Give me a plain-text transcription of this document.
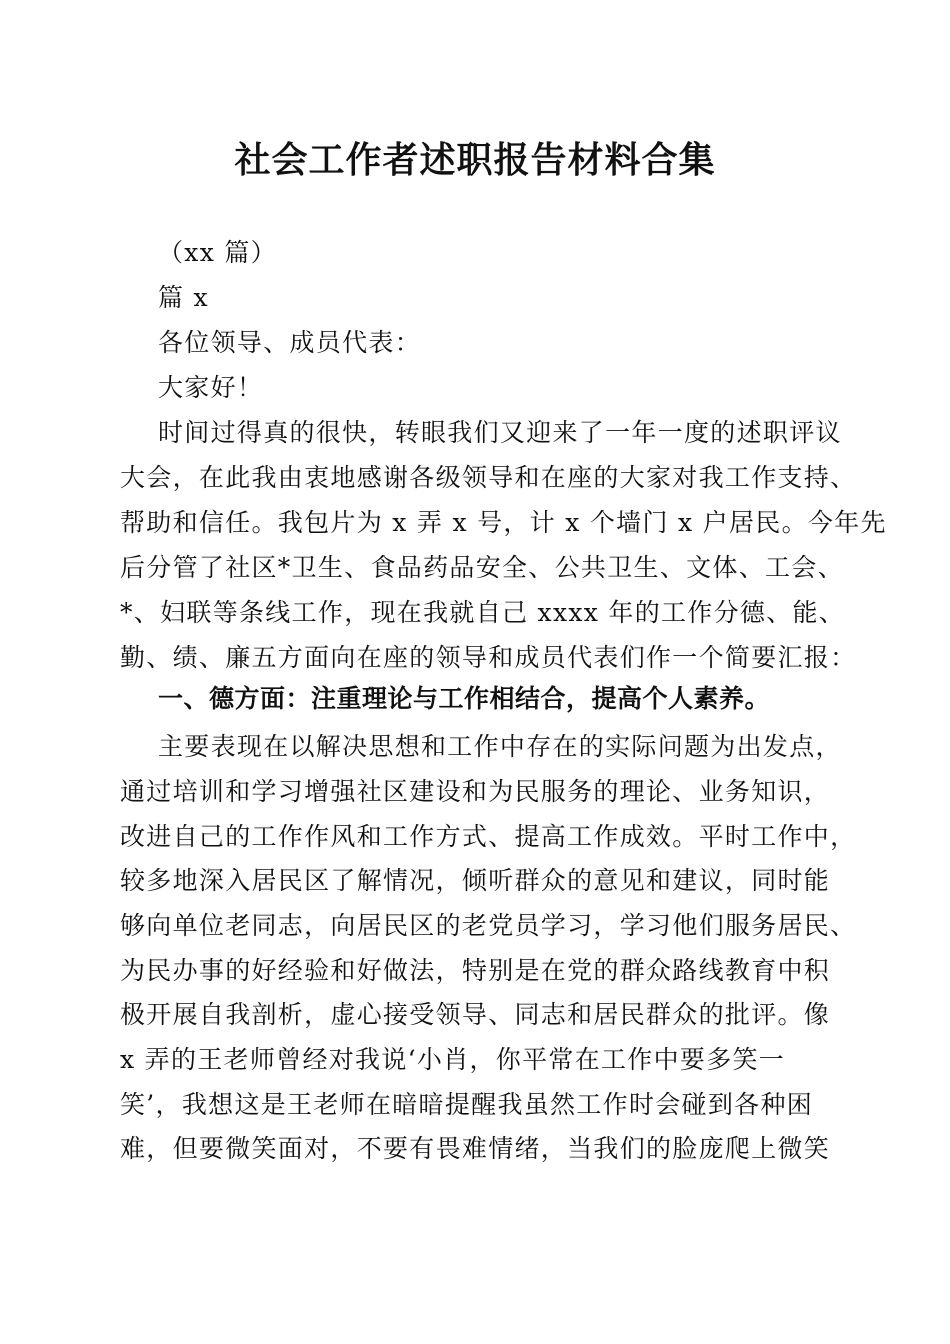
社会工作者述职报告材料合集
（xx 篇）
篇 x
各位领导、成员代表：
大家好！
时间过得真的很快，转眼我们又迎来了一年一度的述职评议
大会，在此我由衷地感谢各级领导和在座的大家对我工作支持、
帮助和信任。我包片为 x 弄 x 号，计 x 个墙门 x 户居民。今年先
后分管了社区*卫生、食品药品安全、公共卫生、文体、工会、
*、妇联等条线工作，现在我就自己 xxxx 年的工作分德、能、
勤、绩、廉五方面向在座的领导和成员代表们作一个简要汇报：
一、德方面：注重理论与工作相结合，提高个人素养。
主要表现在以解决思想和工作中存在的实际问题为出发点，
通过培训和学习增强社区建设和为民服务的理论、业务知识，
改进自己的工作作风和工作方式、提高工作成效。平时工作中，
较多地深入居民区了解情况，倾听群众的意见和建议，同时能
够向单位老同志，向居民区的老党员学习，学习他们服务居民、
为民办事的好经验和好做法，特别是在党的群众路线教育中积
极开展自我剖析，虚心接受领导、同志和居民群众的批评。像
x 弄的王老师曾经对我说‘小肖，你平常在工作中要多笑一
笑’，我想这是王老师在暗暗提醒我虽然工作时会碰到各种困
难，但要微笑面对，不要有畏难情绪，当我们的脸庞爬上微笑
